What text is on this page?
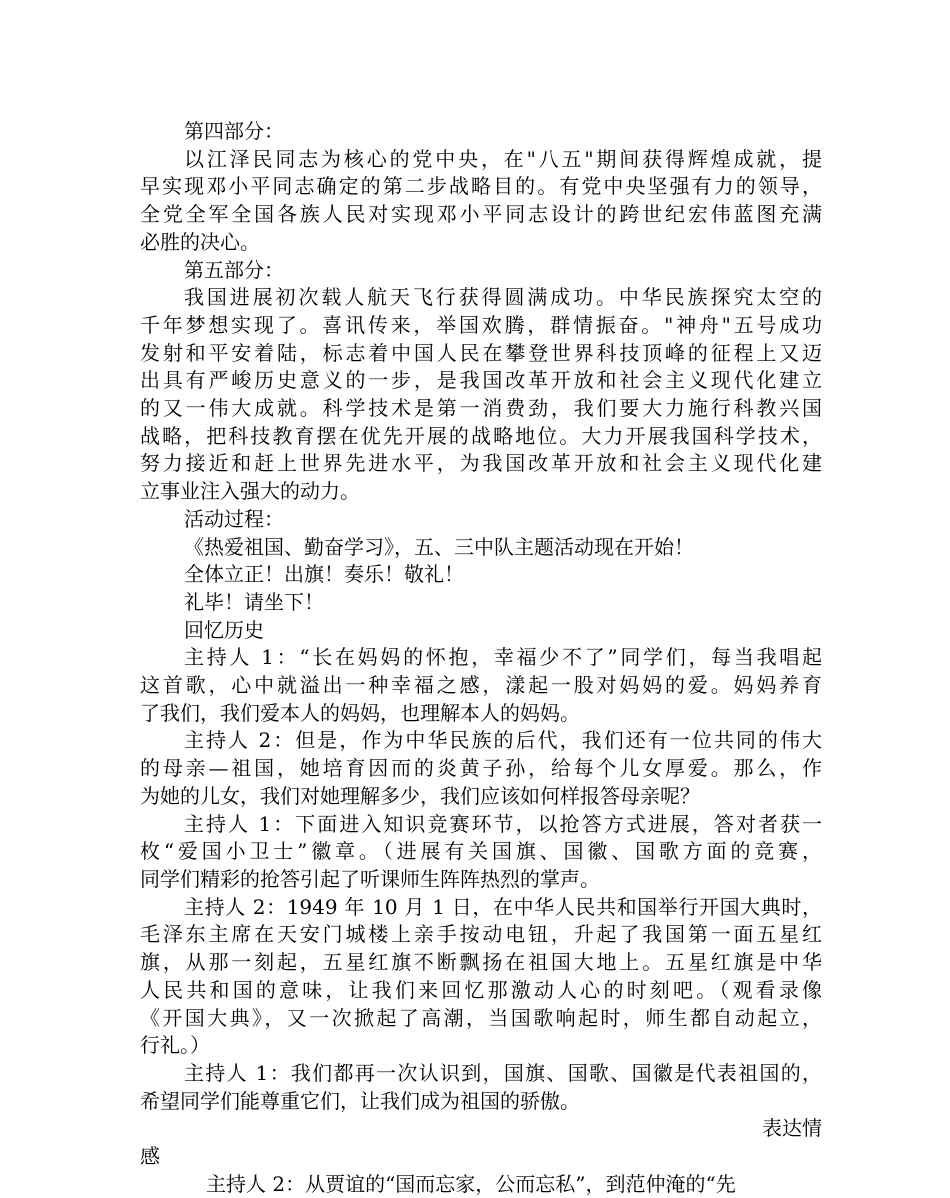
第四部分：
以江泽民同志为核心的党中央，在"八五"期间获得辉煌成就，提
早实现邓小平同志确定的第二步战略目的。有党中央坚强有力的领导，
全党全军全国各族人民对实现邓小平同志设计的跨世纪宏伟蓝图充满
必胜的决心。
第五部分：
我国进展初次载人航天飞行获得圆满成功。中华民族探究太空的
千年梦想实现了。喜讯传来，举国欢腾，群情振奋。"神舟"五号成功
发射和平安着陆，标志着中国人民在攀登世界科技顶峰的征程上又迈
出具有严峻历史意义的一步，是我国改革开放和社会主义现代化建立
的又一伟大成就。科学技术是第一消费劲，我们要大力施行科教兴国
战略，把科技教育摆在优先开展的战略地位。大力开展我国科学技术，
努力接近和赶上世界先进水平，为我国改革开放和社会主义现代化建
立事业注入强大的动力。
活动过程：
《热爱祖国、勤奋学习》，五、三中队主题活动现在开始！
全体立正！出旗！奏乐！敬礼！
礼毕！请坐下！
回忆历史
主持人 1：“长在妈妈的怀抱，幸福少不了”同学们，每当我唱起
这首歌，心中就溢出一种幸福之感，漾起一股对妈妈的爱。妈妈养育
了我们，我们爱本人的妈妈，也理解本人的妈妈。
主持人 2：但是，作为中华民族的后代，我们还有一位共同的伟大
的母亲—祖国，她培育因而的炎黄子孙，给每个儿女厚爱。那么，作
为她的儿女，我们对她理解多少，我们应该如何样报答母亲呢？
主持人 1：下面进入知识竞赛环节，以抢答方式进展，答对者获一
枚“爱国小卫士”徽章。（进展有关国旗、国徽、国歌方面的竞赛，
同学们精彩的抢答引起了听课师生阵阵热烈的掌声。
主持人 2：1949 年 10 月 1 日，在中华人民共和国举行开国大典时，
毛泽东主席在天安门城楼上亲手按动电钮，升起了我国第一面五星红
旗，从那一刻起，五星红旗不断飘扬在祖国大地上。五星红旗是中华
人民共和国的意味，让我们来回忆那激动人心的时刻吧。（观看录像
《开国大典》，又一次掀起了高潮，当国歌响起时，师生都自动起立，
行礼。）
主持人 1：我们都再一次认识到，国旗、国歌、国徽是代表祖国的，
希望同学们能尊重它们，让我们成为祖国的骄傲。
表达情
感
主持人 2：从贾谊的“国而忘家，公而忘私”，到范仲淹的“先
